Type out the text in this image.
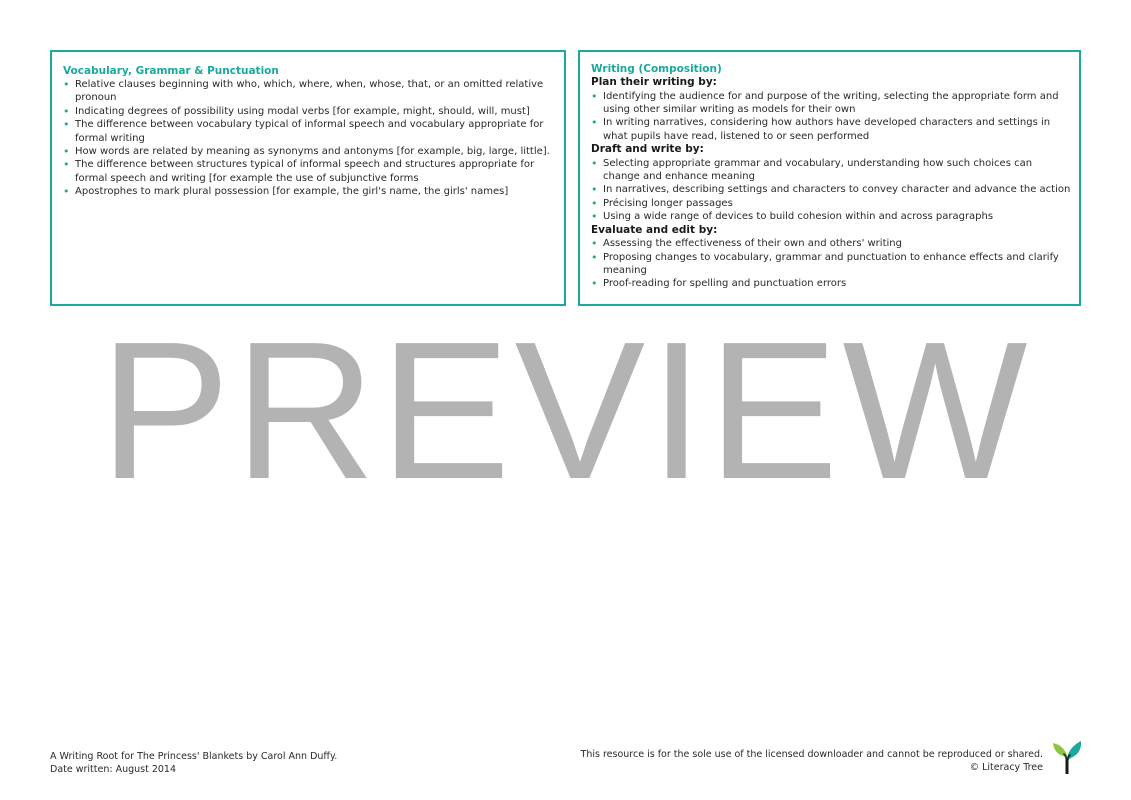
Vocabulary, Grammar & Punctuation

• Relative clauses beginning with who, which, where, when, whose, that, or an omitted relative pronoun
• Indicating degrees of possibility using modal verbs [for example, might, should, will, must]
• The difference between vocabulary typical of informal speech and vocabulary appropriate for formal writing
• How words are related by meaning as synonyms and antonyms [for example, big, large, little].
• The difference between structures typical of informal speech and structures appropriate for formal speech and writing [for example the use of subjunctive forms
• Apostrophes to mark plural possession [for example, the girl's name, the girls' names]

Writing (Composition)

Plan their writing by:

• Identifying the audience for and purpose of the writing, selecting the appropriate form and using other similar writing as models for their own
• In writing narratives, considering how authors have developed characters and settings in what pupils have read, listened to or seen performed

Draft and write by:

• Selecting appropriate grammar and vocabulary, understanding how such choices can change and enhance meaning
• In narratives, describing settings and characters to convey character and advance the action
• Précising longer passages
• Using a wide range of devices to build cohesion within and across paragraphs

Evaluate and edit by:

• Assessing the effectiveness of their own and others' writing
• Proposing changes to vocabulary, grammar and punctuation to enhance effects and clarify meaning
• Proof-reading for spelling and punctuation errors

PREVIEW

A Writing Root for The Princess' Blankets by Carol Ann Duffy.
Date written: August 2014
This resource is for the sole use of the licensed downloader and cannot be reproduced or shared.
© Literacy Tree
